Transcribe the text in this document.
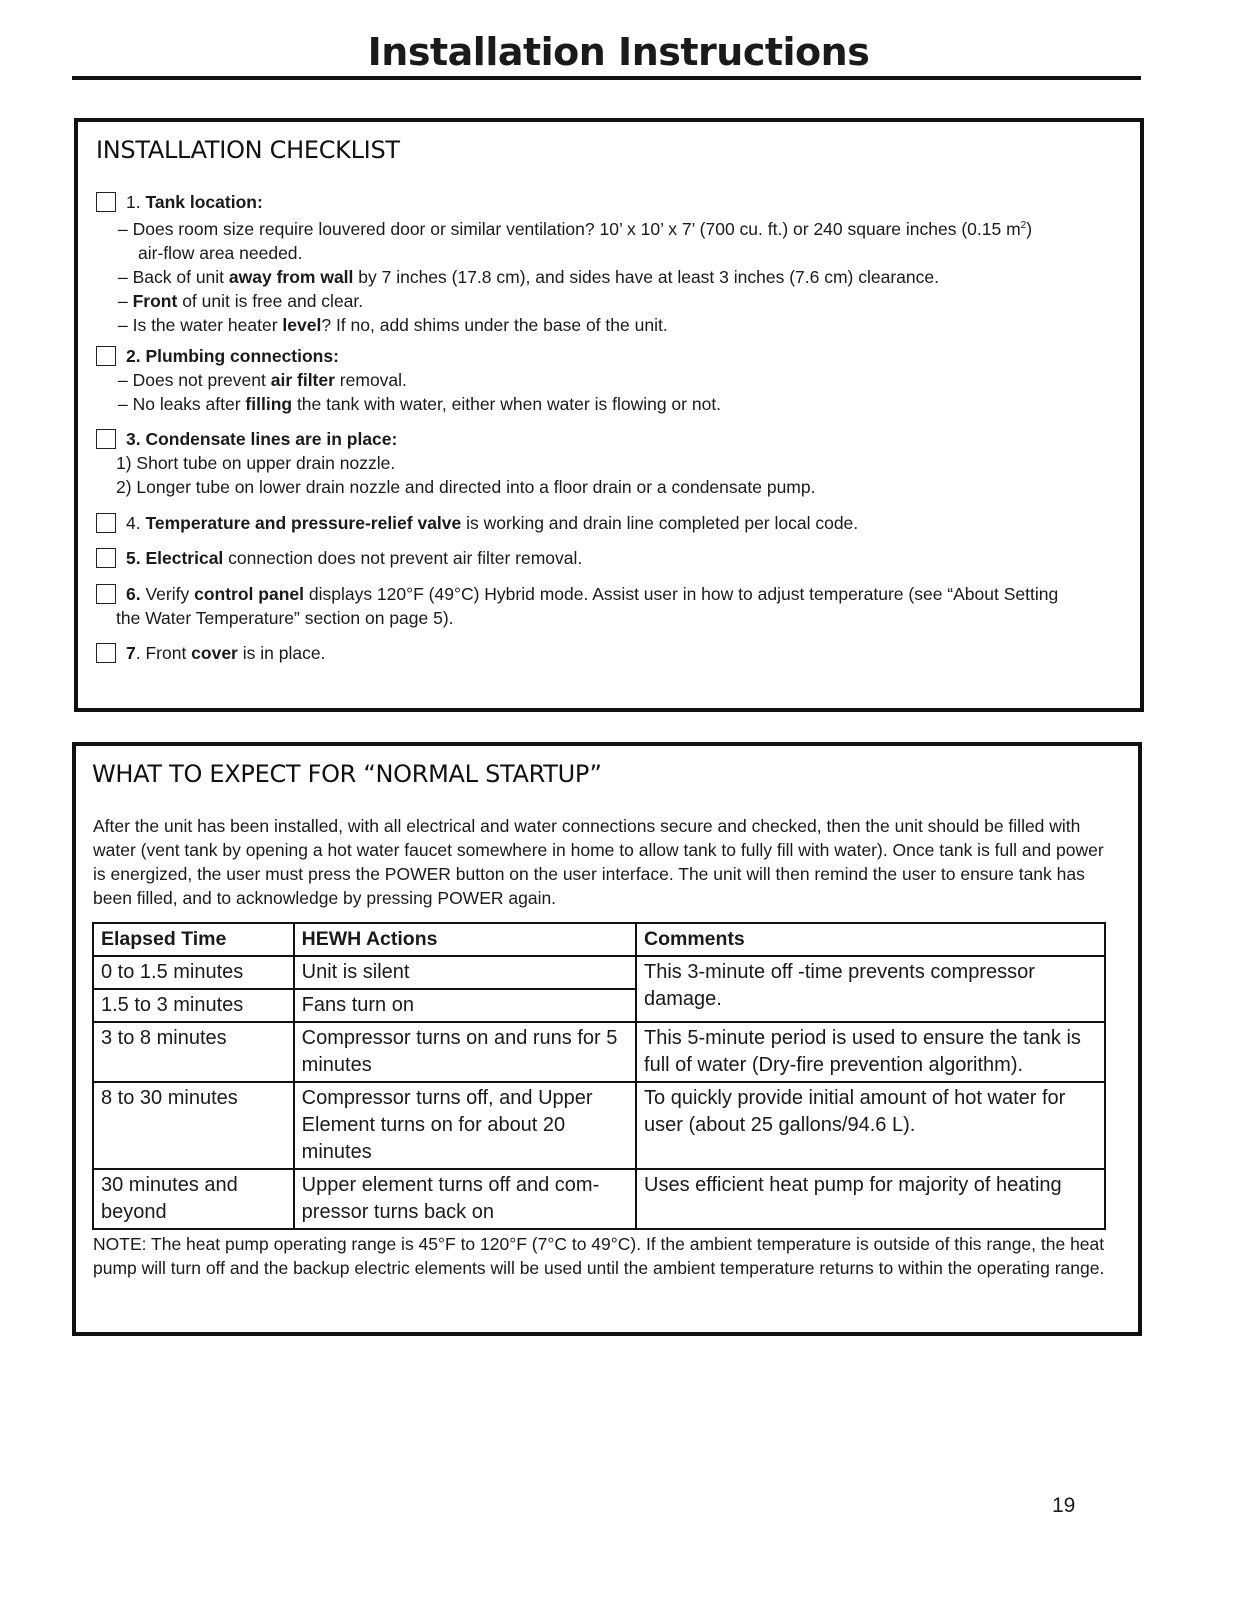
Installation Instructions
INSTALLATION CHECKLIST
1. Tank location:
– Does room size require louvered door or similar ventilation? 10’ x 10’ x 7’ (700 cu. ft.) or 240 square inches (0.15 $m^2$)
air-flow area needed.
– Back of unit away from wall by 7 inches (17.8 cm), and sides have at least 3 inches (7.6 cm) clearance.
– Front of unit is free and clear.
– Is the water heater level? If no, add shims under the base of the unit.
2. Plumbing connections:
– Does not prevent air filter removal.
– No leaks after filling the tank with water, either when water is flowing or not.
3. Condensate lines are in place:
1) Short tube on upper drain nozzle.
2) Longer tube on lower drain nozzle and directed into a floor drain or a condensate pump.
4. Temperature and pressure-relief valve is working and drain line completed per local code.
5. Electrical connection does not prevent air filter removal.
6. Verify control panel displays 120°F (49°C) Hybrid mode. Assist user in how to adjust temperature (see “About Setting
the Water Temperature” section on page 5).
7. Front cover is in place.
WHAT TO EXPECT FOR “NORMAL STARTUP”
After the unit has been installed, with all electrical and water connections secure and checked, then the unit should be filled with water (vent tank by opening a hot water faucet somewhere in home to allow tank to fully fill with water). Once tank is full and power is energized, the user must press the POWER button on the user interface. The unit will then remind the user to ensure tank has been filled, and to acknowledge by pressing POWER again.
Elapsed Time	HEWH Actions	Comments
0 to 1.5 minutes	Unit is silent	This 3-minute off -time prevents compressor damage.
1.5 to 3 minutes	Fans turn on	
3 to 8 minutes	Compressor turns on and runs for 5 minutes	This 5-minute period is used to ensure the tank is full of water (Dry-fire prevention algorithm).
8 to 30 minutes	Compressor turns off, and Upper Element turns on for about 20 minutes	To quickly provide initial amount of hot water for user (about 25 gallons/94.6 L).
30 minutes and beyond	Upper element turns off and com-pressor turns back on	Uses efficient heat pump for majority of heating
NOTE: The heat pump operating range is 45°F to 120°F (7°C to 49°C). If the ambient temperature is outside of this range, the heat pump will turn off and the backup electric elements will be used until the ambient temperature returns to within the operating range.
19
